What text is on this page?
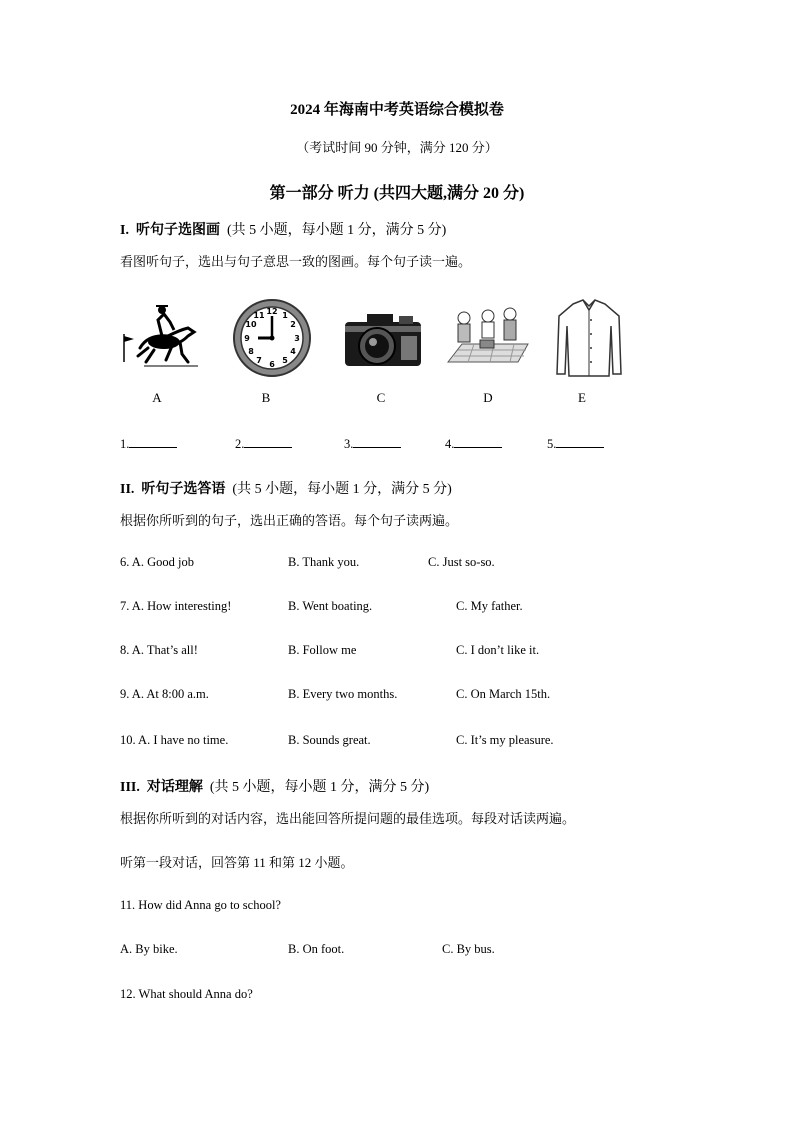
2024 年海南中考英语综合模拟卷
（考试时间 90 分钟，满分 120 分）
第一部分 听力 (共四大题,满分 20 分)
I. 听句子选图画 (共 5 小题，每小题 1 分，满分 5 分)
看图听句子，选出与句子意思一致的图画。每个句子读一遍。
12 1
2
3
4
5
6
7
8
9
10
11
A	B	C	D	E
1.	2.	3.	4.	5.
II. 听句子选答语 (共 5 小题，每小题 1 分，满分 5 分)
根据你所听到的句子，选出正确的答语。每个句子读两遍。
6. A. Good job	B. Thank you.	C. Just so-so.
7. A. How interesting!	B. Went boating.	C. My father.
8. A. That’s all!	B. Follow me	C. I don’t like it.
9. A. At 8:00 a.m.	B. Every two months.	C. On March 15th.
10. A. I have no time.	B. Sounds great.	C. It’s my pleasure.
III. 对话理解 (共 5 小题，每小题 1 分，满分 5 分)
根据你所听到的对话内容，选出能回答所提问题的最佳选项。每段对话读两遍。
听第一段对话，回答第 11 和第 12 小题。
11. How did Anna go to school?
A. By bike.	B. On foot.	C. By bus.
12. What should Anna do?
